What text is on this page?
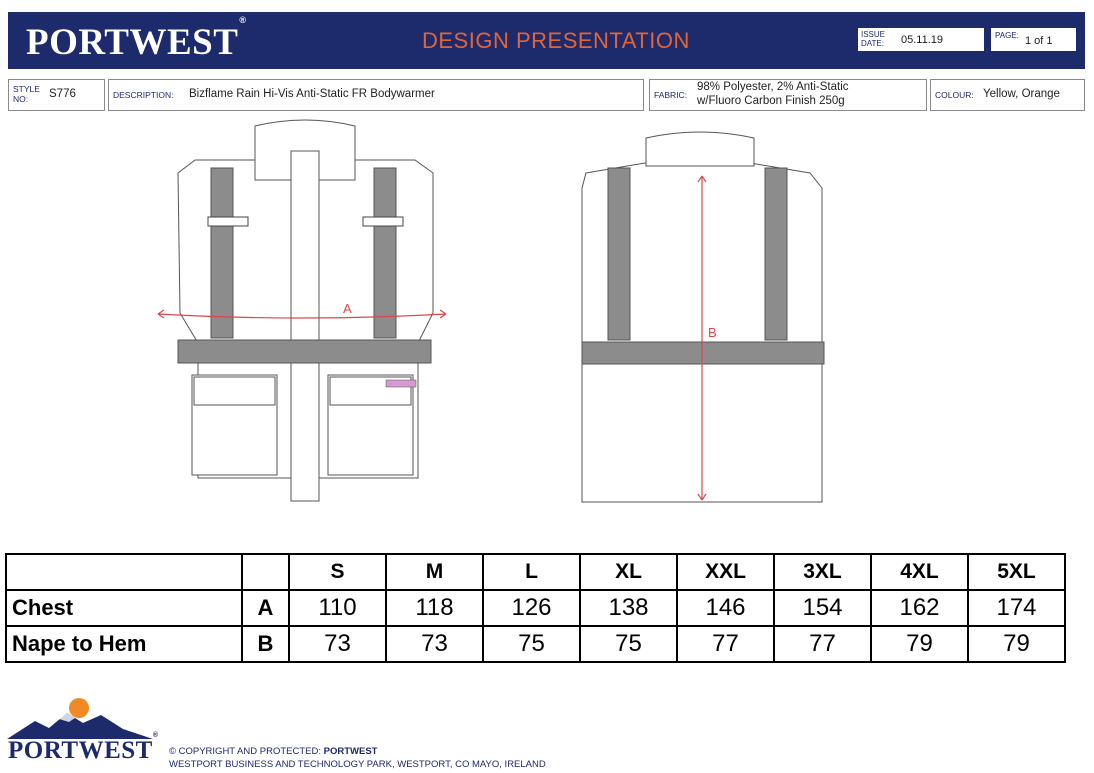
PORTWEST®
DESIGN PRESENTATION	ISSUE
DATE: 05.11.19	PAGE: 1 of 1
STYLE
NO: S776	DESCRIPTION: Bizflame Rain Hi-Vis Anti-Static FR Bodywarmer	FABRIC:
98% Polyester, 2% Anti-Static
w/Fluoro Carbon Finish 250g	COLOUR: Yellow, Orange
A
B
		S	M	L	XL	XXL	3XL	4XL	5XL
Chest	A	110	118	126	138	146	154	162	174
Nape to Hem	B	73	73	75	75	77	77	79	79
PORTWEST®
© COPYRIGHT AND PROTECTED: PORTWEST
WESTPORT BUSINESS AND TECHNOLOGY PARK, WESTPORT, CO MAYO, IRELAND
